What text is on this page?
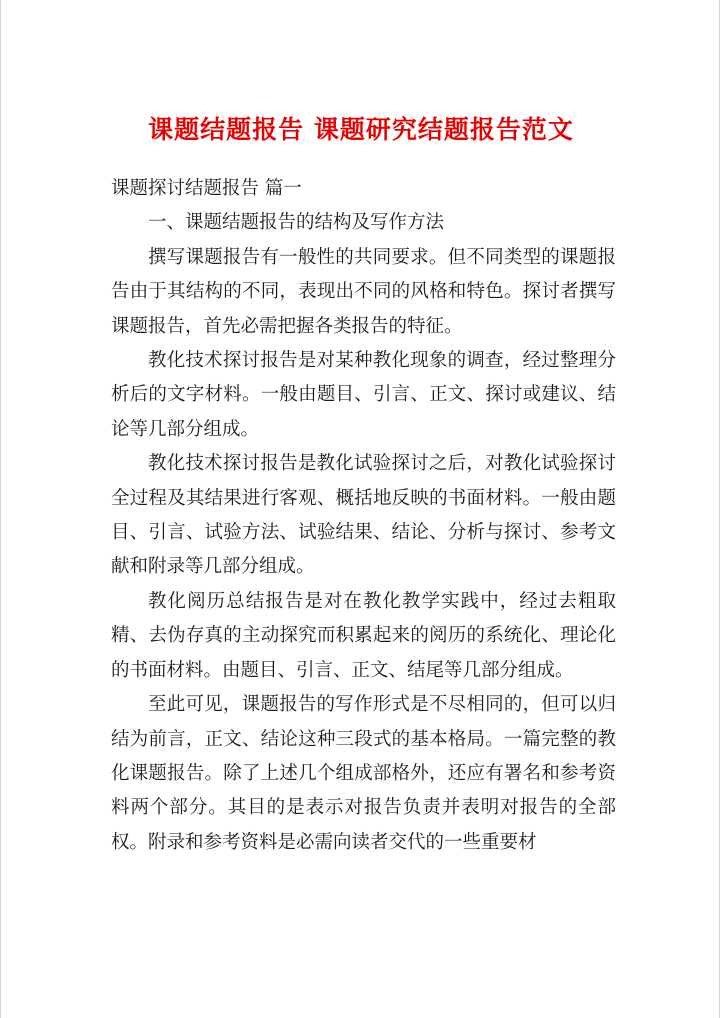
课题结题报告 课题研究结题报告范文

课题探讨结题报告 篇一

一、课题结题报告的结构及写作方法

撰写课题报告有一般性的共同要求。但不同类型的课题报告由于其结构的不同，表现出不同的风格和特色。探讨者撰写课题报告，首先必需把握各类报告的特征。

教化技术探讨报告是对某种教化现象的调查，经过整理分析后的文字材料。一般由题目、引言、正文、探讨或建议、结论等几部分组成。

教化技术探讨报告是教化试验探讨之后，对教化试验探讨全过程及其结果进行客观、概括地反映的书面材料。一般由题目、引言、试验方法、试验结果、结论、分析与探讨、参考文献和附录等几部分组成。

教化阅历总结报告是对在教化教学实践中，经过去粗取精、去伪存真的主动探究而积累起来的阅历的系统化、理论化的书面材料。由题目、引言、正文、结尾等几部分组成。

至此可见，课题报告的写作形式是不尽相同的，但可以归结为前言，正文、结论这种三段式的基本格局。一篇完整的教化课题报告。除了上述几个组成部格外，还应有署名和参考资料两个部分。其目的是表示对报告负责并表明对报告的全部权。附录和参考资料是必需向读者交代的一些重要材
